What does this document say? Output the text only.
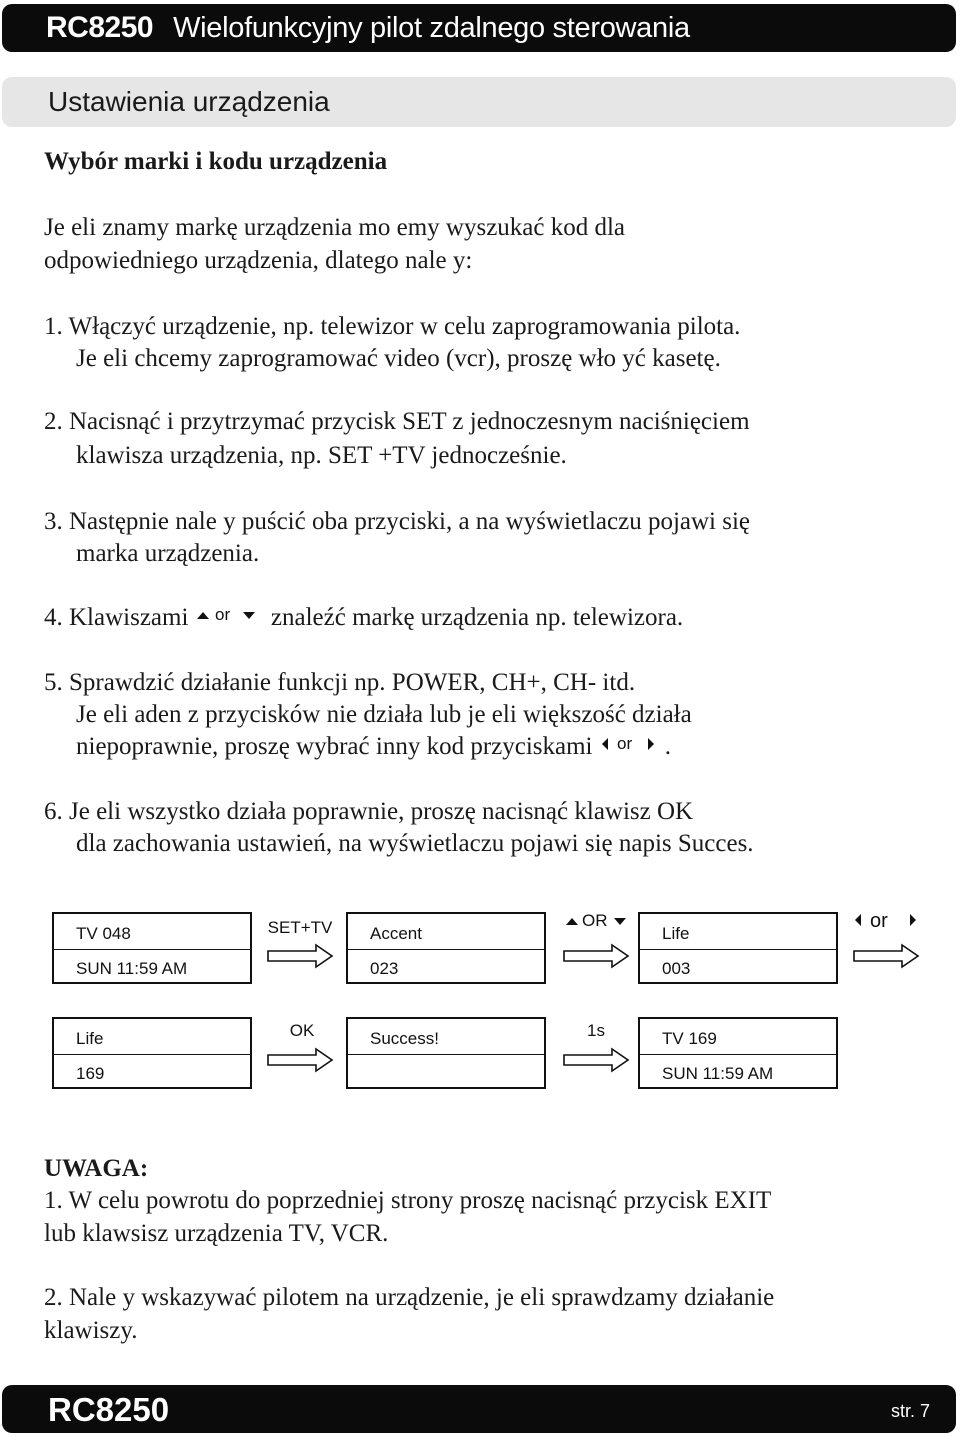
RC8250 Wielofunkcyjny pilot zdalnego sterowania
Ustawienia urządzenia
Wybór marki i kodu urządzenia
Je eli znamy markę urządzenia mo emy wyszukać kod dla
odpowiedniego urządzenia, dlatego nale y:
1. Włączyć urządzenie, np. telewizor w celu zaprogramowania pilota.
Je eli chcemy zaprogramować video (vcr), proszę wło yć kasetę.
2. Nacisnąć i przytrzymać przycisk SET z jednoczesnym naciśnięciem
klawisza urządzenia, np. SET +TV jednocześnie.
3. Następnie nale y puścić oba przyciski, a na wyświetlaczu pojawi się
marka urządzenia.
4. Klawiszami or znaleźć markę urządzenia np. telewizora.
5. Sprawdzić działanie funkcji np. POWER, CH+, CH- itd.
Je eli aden z przycisków nie działa lub je eli większość działa
niepoprawnie, proszę wybrać inny kod przyciskami or .
6. Je eli wszystko działa poprawnie, proszę nacisnąć klawisz OK
dla zachowania ustawień, na wyświetlaczu pojawi się napis Succes.
TV 048
SUN 11:59 AM
SET+TV	Accent
023
OR
Life
003
or
Life
169
OK	Success!	1s	TV 169
SUN 11:59 AM
UWAGA:
1. W celu powrotu do poprzedniej strony proszę nacisnąć przycisk EXIT
lub klawsisz urządzenia TV, VCR.
2. Nale y wskazywać pilotem na urządzenie, je eli sprawdzamy działanie
klawiszy.
RC8250	str. 7
